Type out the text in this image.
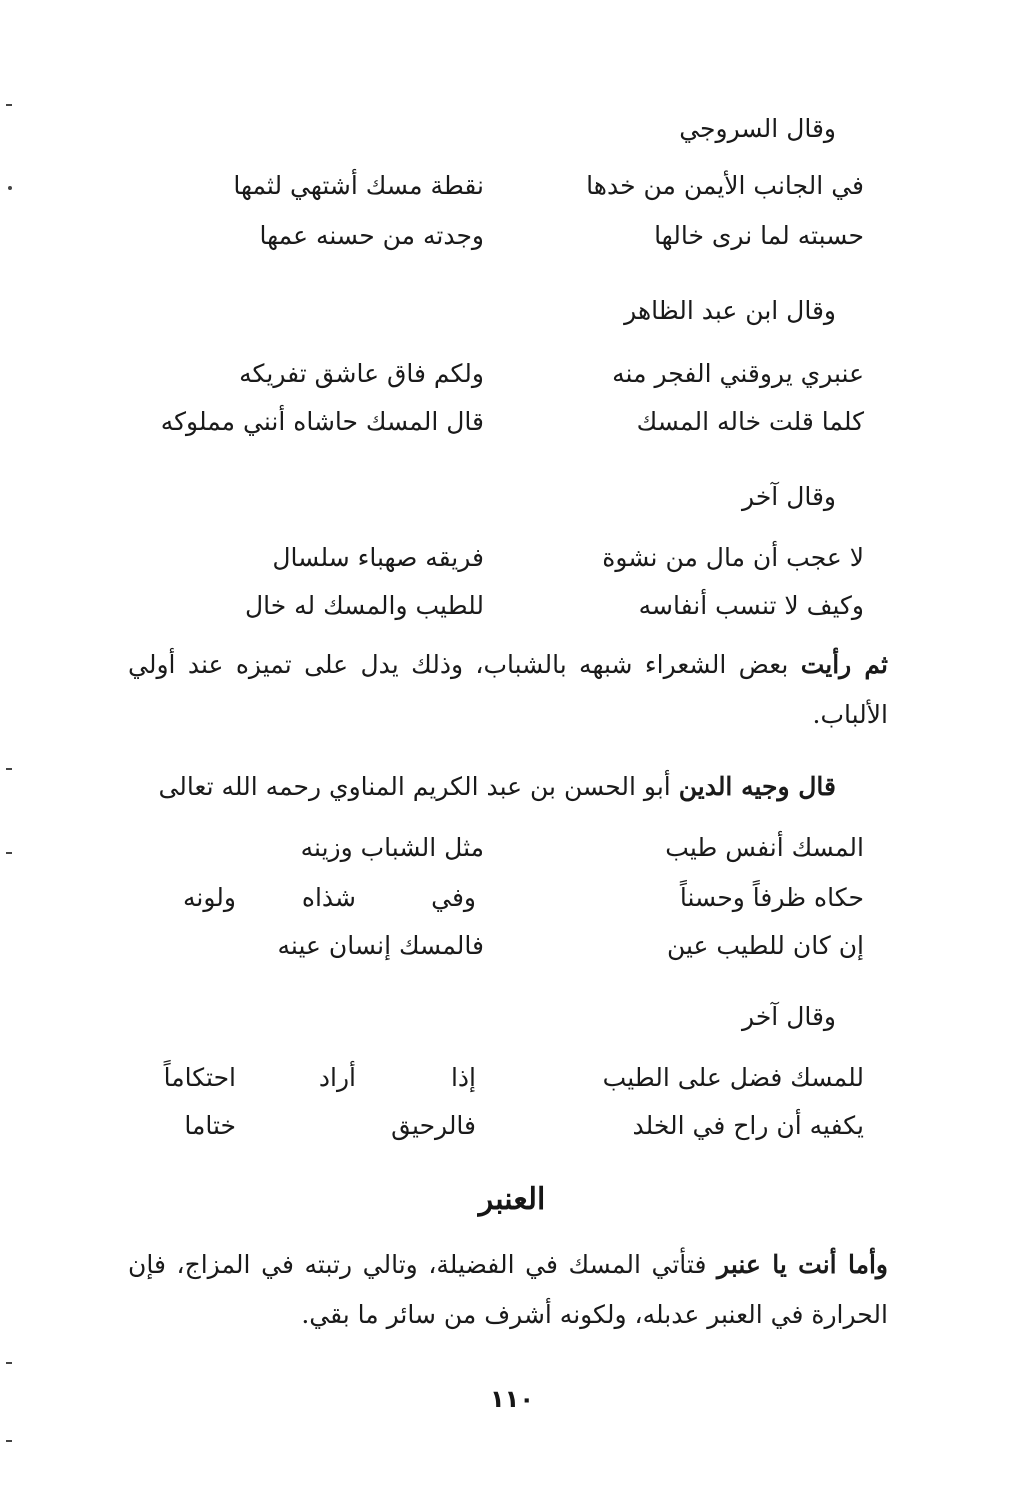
وقال السروجي
في الجانب الأيمن من خدها
نقطة مسك أشتهي لثمها
حسبته لما نرى خالها
وجدته من حسنه عمها
وقال ابن عبد الظاهر
عنبري يروقني الفجر منه
ولكم فاق عاشق تفريكه
كلما قلت خاله المسك
قال المسك حاشاه أنني مملوكه
وقال آخر
لا عجب أن مال من نشوة
فريقه صهباء سلسال
وكيف لا تنسب أنفاسه
للطيب والمسك له خال
ثم رأيت بعض الشعراء شبهه بالشباب، وذلك يدل على تميزه عند أولي الألباب.
قال وجيه الدين أبو الحسن بن عبد الكريم المناوي رحمه الله تعالى
المسك أنفس طيب
مثل الشباب وزينه
حكاه ظرفاً وحسناً
وفي
شذاه
ولونه
إن كان للطيب عين
فالمسك إنسان عينه
وقال آخر
للمسك فضل على الطيب
إذا
أراد
احتكاماً
يكفيه أن راح في الخلد
فالرحيق
ختاما
العنبر
وأما أنت يا عنبر فتأتي المسك في الفضيلة، وتالي رتبته في المزاج، فإن الحرارة في العنبر عدبله، ولكونه أشرف من سائر ما بقي.
١١٠
